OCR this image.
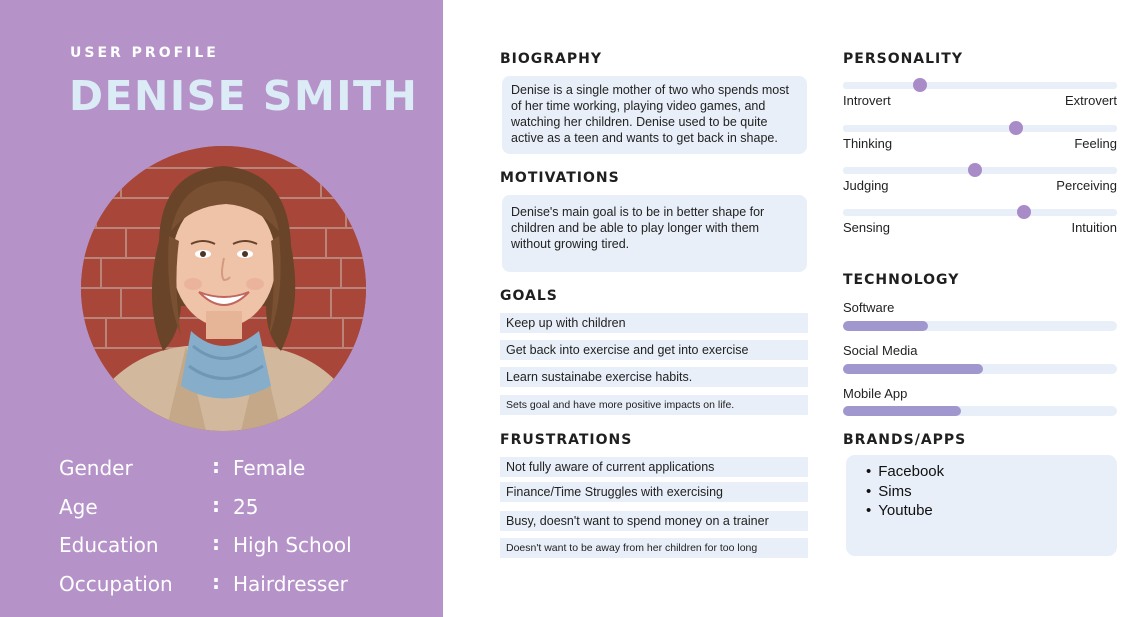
USER PROFILE
DENISE SMITH
Gender	: Female
Age	: 25
Education	: High School
Occupation : Hairdresser
BIOGRAPHY
Denise is a single mother of two who spends most of her time working, playing video games, and watching her children. Denise used to be quite active as a teen and wants to get back in shape.
MOTIVATIONS
Denise's main goal is to be in better shape for children and be able to play longer with them without growing tired.
GOALS
Keep up with children
Get back into exercise and get into exercise
Learn sustainabe exercise habits.
Sets goal and have more positive impacts on life.
FRUSTRATIONS
Not fully aware of current applications
Finance/Time Struggles with exercising
Busy, doesn't want to spend money on a trainer
Doesn't want to be away from her children for too long
PERSONALITY
Introvert	Extrovert
Thinking	Feeling
Judging	Perceiving
Sensing	Intuition
TECHNOLOGY
Software
Social Media
Mobile App
BRANDS/APPS
• Facebook
• Sims
• Youtube
